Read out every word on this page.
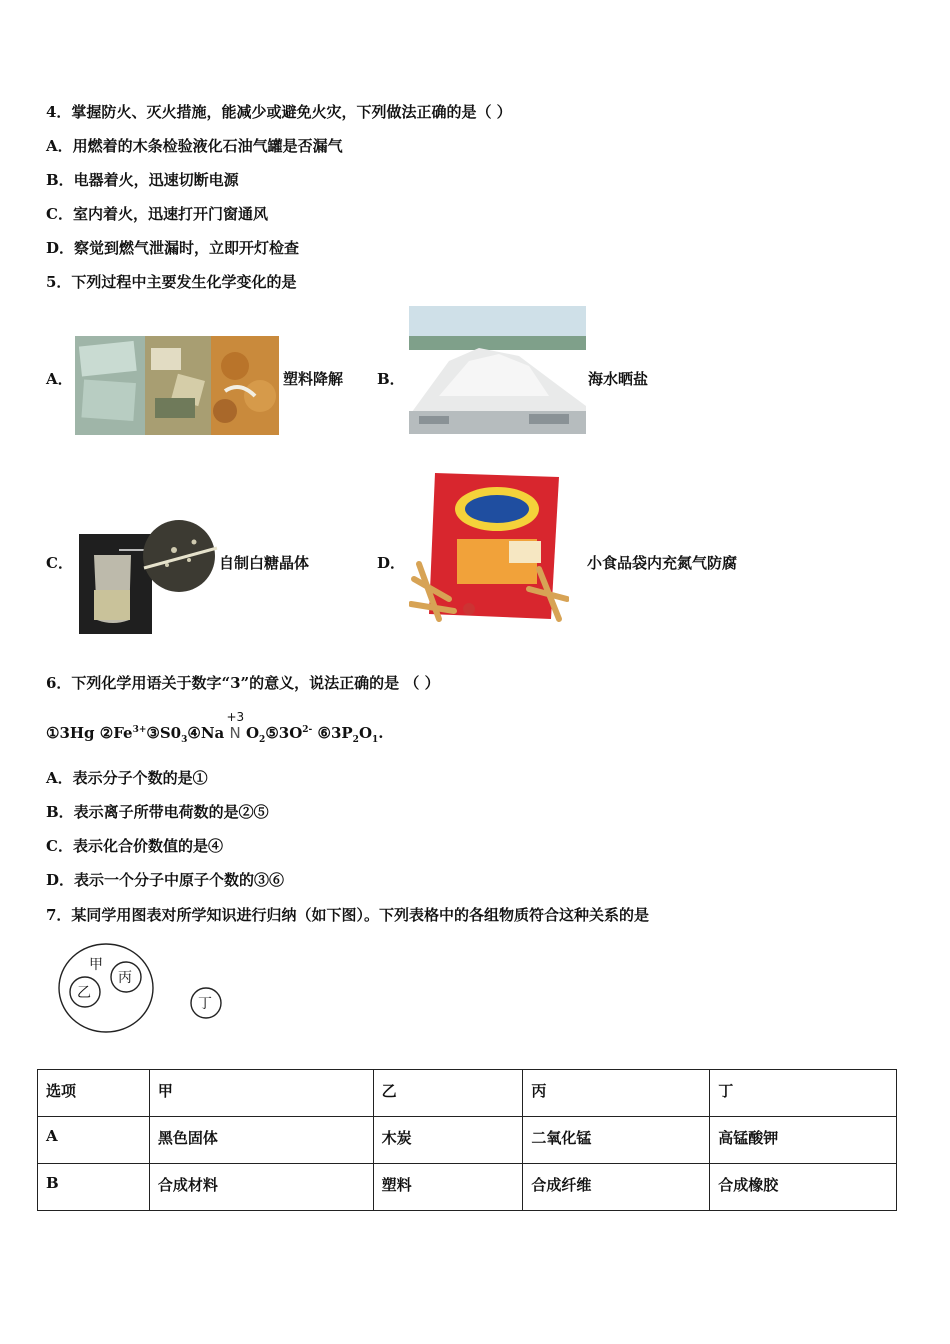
4．掌握防火、灭火措施，能减少或避免火灾，下列做法正确的是（ ）
A．用燃着的木条检验液化石油气罐是否漏气
B．电器着火，迅速切断电源
C．室内着火，迅速打开门窗通风
D．察觉到燃气泄漏时，立即开灯检查
5．下列过程中主要发生化学变化的是
A．	塑料降解 B．	海水晒盐
C．	自制白糖晶体	D．	小食品袋内充氮气防腐
6．下列化学用语关于数字“3”的意义，说法正确的是 （ ）
①3Hg $②Fe^{3+}③S0_3④Na$
+3
N $O_2⑤3O^{2-}$ $⑥3P_2O_1$.
A．表示分子个数的是①
B．表示离子所带电荷数的是②⑤
C．表示化合价数值的是④
D．表示一个分子中原子个数的③⑥
7．某同学用图表对所学知识进行归纳（如下图）。下列表格中的各组物质符合这种关系的是
甲
乙
丙
丁
选项	甲	乙	丙	丁
A	黑色固体	木炭	二氧化锰	高锰酸钾
B	合成材料	塑料	合成纤维	合成橡胶
